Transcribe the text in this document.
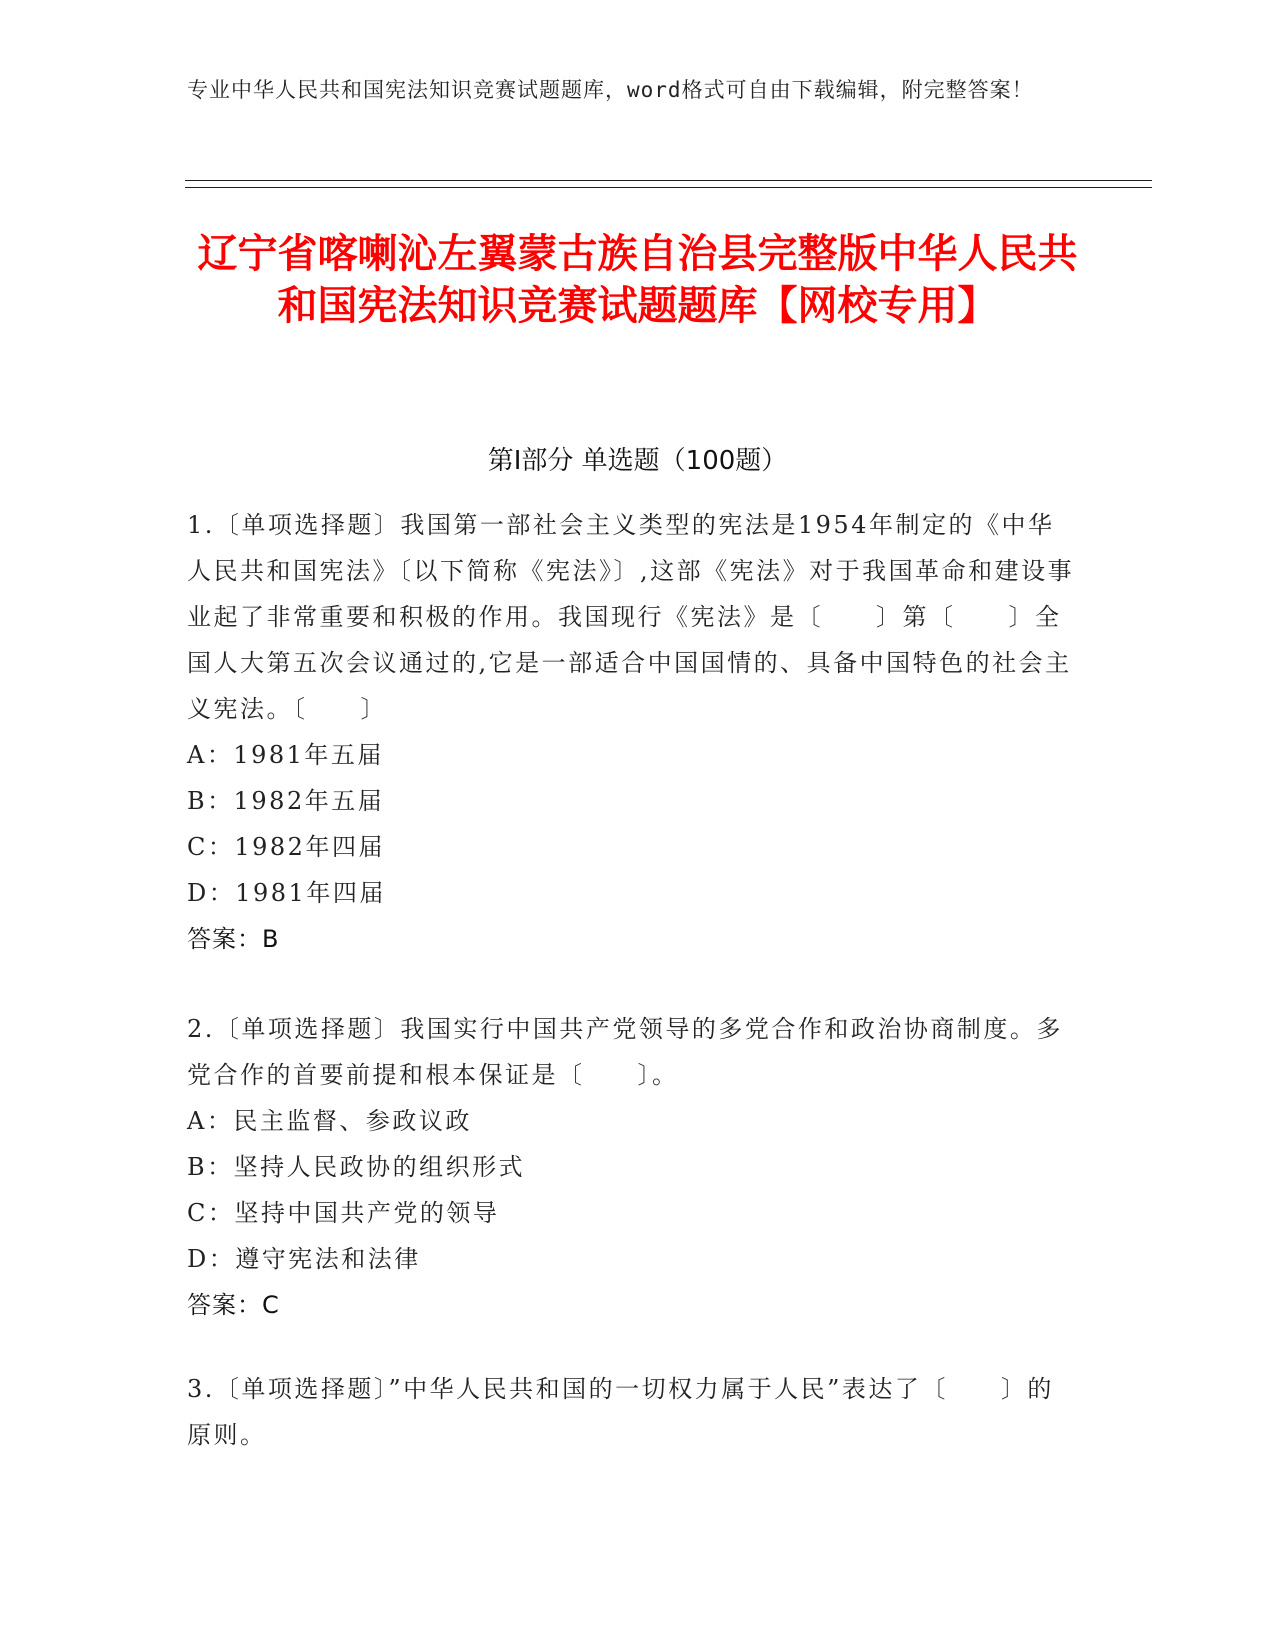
专业中华人民共和国宪法知识竞赛试题题库，word格式可自由下载编辑，附完整答案！
辽宁省喀喇沁左翼蒙古族自治县完整版中华人民共和国宪法知识竞赛试题题库【网校专用】
第Ⅰ部分 单选题（100题）
1.〔单项选择题〕我国第一部社会主义类型的宪法是1954年制定的《中华人民共和国宪法》〔以下简称《宪法》〕,这部《宪法》对于我国革命和建设事业起了非常重要和积极的作用。我国现行《宪法》是〔　　〕第〔　　〕全国人大第五次会议通过的,它是一部适合中国国情的、具备中国特色的社会主义宪法。〔　　〕
A：1981年五届
B：1982年五届
C：1982年四届
D：1981年四届
答案：B
2.〔单项选择题〕我国实行中国共产党领导的多党合作和政治协商制度。多党合作的首要前提和根本保证是〔　　〕。
A：民主监督、参政议政
B：坚持人民政协的组织形式
C：坚持中国共产党的领导
D：遵守宪法和法律
答案：C
3.〔单项选择题〕”中华人民共和国的一切权力属于人民”表达了〔　　〕的原则。
